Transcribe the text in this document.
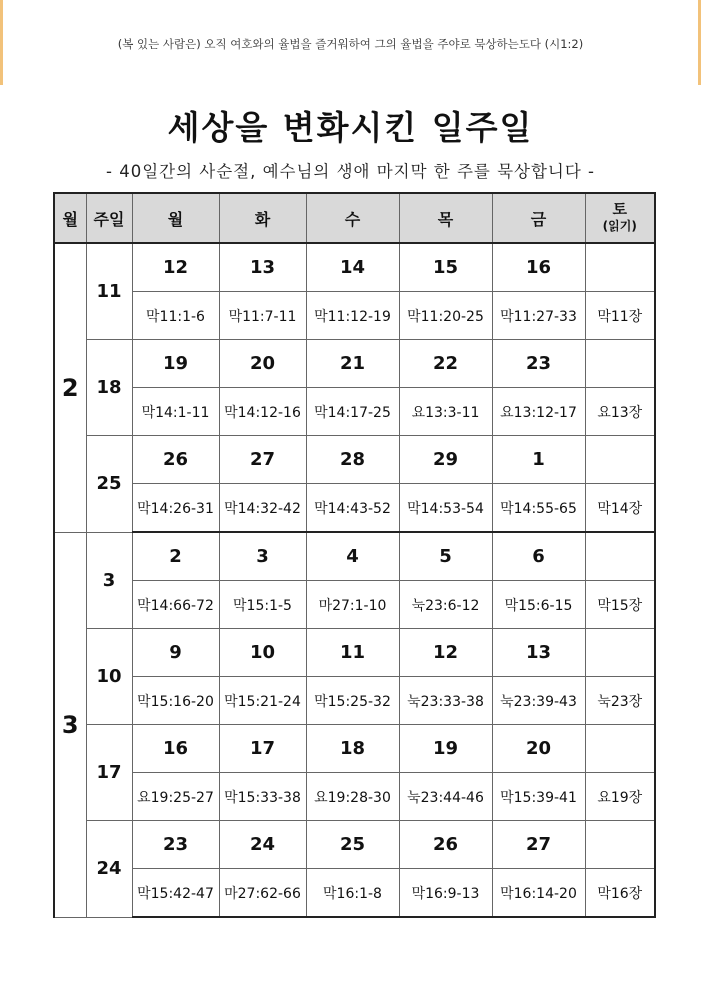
(복 있는 사람은) 오직 여호와의 율법을 즐거워하여 그의 율법을 주야로 묵상하는도다 (시1:2)
세상을 변화시킨 일주일
- 40일간의 사순절, 예수님의 생애 마지막 한 주를 묵상합니다 -
월	주일	월	화	수	목	금	토
(읽기)

2	11	12	13	14	15	16	
		막11:1-6	막11:7-11	막11:12-19	막11:20-25	막11:27-33	막11장
	18	19	20	21	22	23	
		막14:1-11	막14:12-16	막14:17-25	요13:3-11	요13:12-17	요13장
	25	26	27	28	29	1	
		막14:26-31	막14:32-42	막14:43-52	막14:53-54	막14:55-65	막14장
3	3	2	3	4	5	6	
		막14:66-72	막15:1-5	마27:1-10	눅23:6-12	막15:6-15	막15장
	10	9	10	11	12	13	
		막15:16-20	막15:21-24	막15:25-32	눅23:33-38	눅23:39-43	눅23장
	17	16	17	18	19	20	
		요19:25-27	막15:33-38	요19:28-30	눅23:44-46	막15:39-41	요19장
	24	23	24	25	26	27	
		막15:42-47	마27:62-66	막16:1-8	막16:9-13	막16:14-20	막16장
